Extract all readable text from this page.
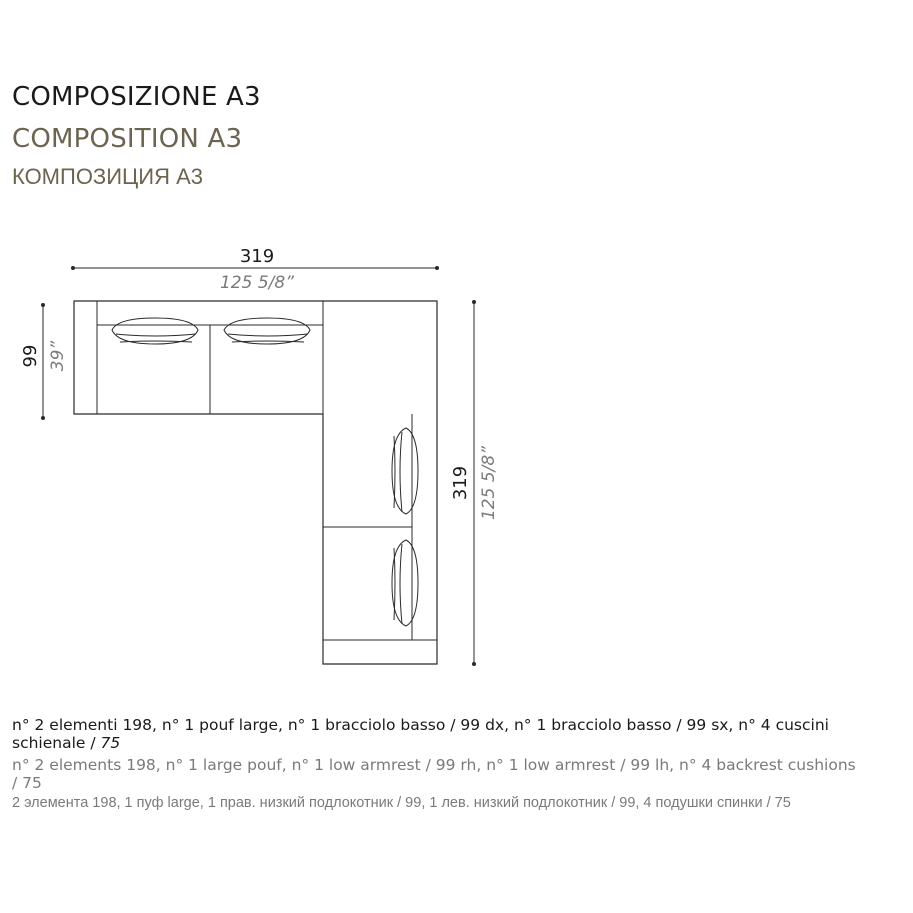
COMPOSIZIONE A3
COMPOSITION A3
КОМПОЗИЦИЯ A3
319
125 5/8”
99 39”
319 125 5/8”
n° 2 elementi 198, n° 1 pouf large, n° 1 bracciolo basso / 99 dx, n° 1 bracciolo basso / 99 sx, n° 4 cuscini
schienale / 75
n° 2 elements 198, n° 1 large pouf, n° 1 low armrest / 99 rh, n° 1 low armrest / 99 lh, n° 4 backrest cushions
/ 75
2 элемента 198, 1 пуф large, 1 прав. низкий подлокотник / 99, 1 лев. низкий подлокотник / 99, 4 подушки спинки / 75
